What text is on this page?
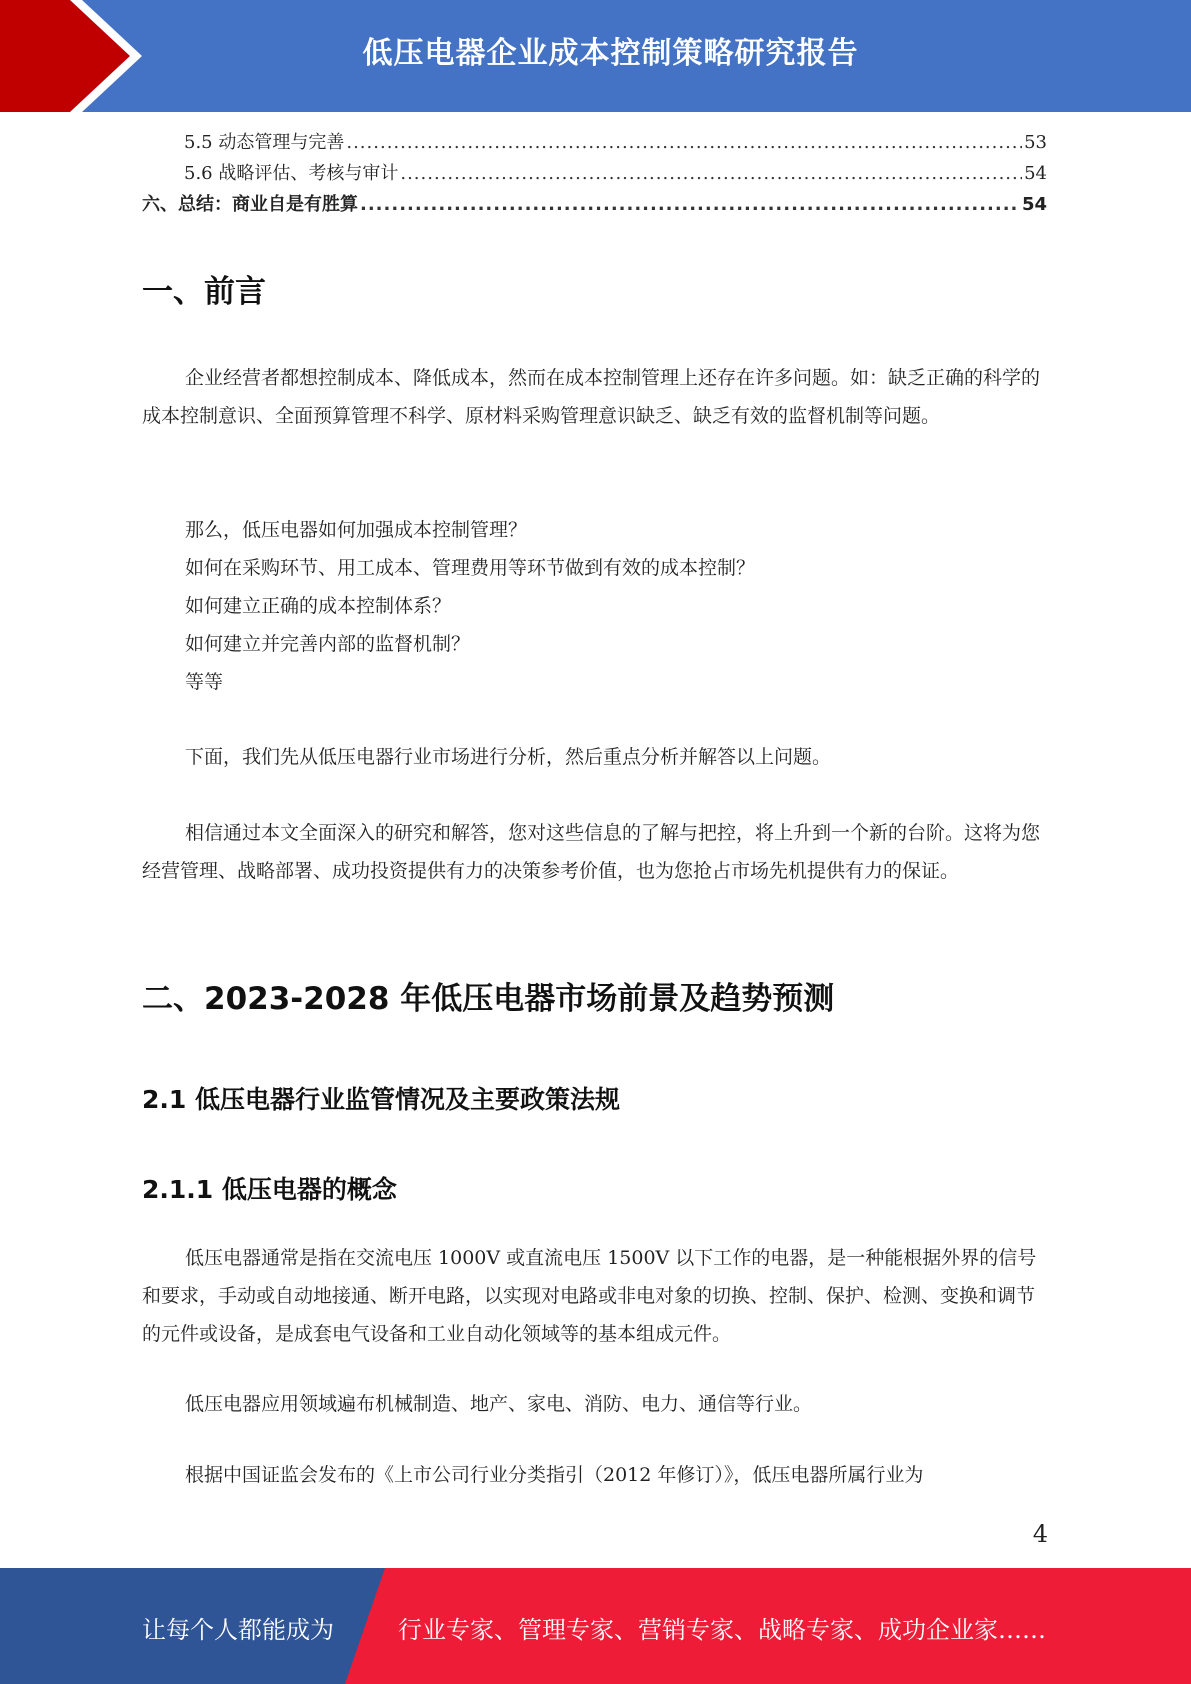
低压电器企业成本控制策略研究报告
5.5 动态管理与完善 .....	53
5.6 战略评估、考核与审计 .....	54
六、总结：商业自是有胜算 .....	54
一、前言
企业经营者都想控制成本、降低成本，然而在成本控制管理上还存在许多问题。如：缺乏正确的科学的成本控制意识、全面预算管理不科学、原材料采购管理意识缺乏、缺乏有效的监督机制等问题。
那么，低压电器如何加强成本控制管理？
如何在采购环节、用工成本、管理费用等环节做到有效的成本控制？
如何建立正确的成本控制体系？
如何建立并完善内部的监督机制？
等等
下面，我们先从低压电器行业市场进行分析，然后重点分析并解答以上问题。
相信通过本文全面深入的研究和解答，您对这些信息的了解与把控，将上升到一个新的台阶。这将为您经营管理、战略部署、成功投资提供有力的决策参考价值，也为您抢占市场先机提供有力的保证。
二、2023-2028 年低压电器市场前景及趋势预测
2.1 低压电器行业监管情况及主要政策法规
2.1.1 低压电器的概念
低压电器通常是指在交流电压 1000V 或直流电压 1500V 以下工作的电器，是一种能根据外界的信号和要求，手动或自动地接通、断开电路，以实现对电路或非电对象的切换、控制、保护、检测、变换和调节的元件或设备，是成套电气设备和工业自动化领域等的基本组成元件。
低压电器应用领域遍布机械制造、地产、家电、消防、电力、通信等行业。
根据中国证监会发布的《上市公司行业分类指引（2012 年修订）》，低压电器所属行业为
4
让每个人都能成为	行业专家、管理专家、营销专家、战略专家、成功企业家……
